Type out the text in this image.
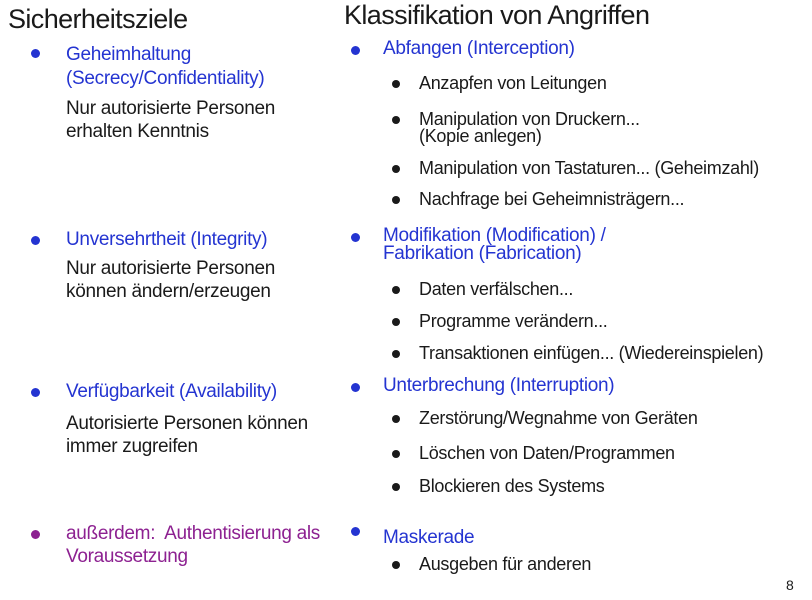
Sicherheitsziele
Geheimhaltung
(Secrecy/Confidentiality)
Nur autorisierte Personen
erhalten Kenntnis
Unversehrtheit (Integrity)
Nur autorisierte Personen
können ändern/erzeugen
Verfügbarkeit (Availability)
Autorisierte Personen können
immer zugreifen
außerdem:  Authentisierung als
Voraussetzung
Klassifikation von Angriffen
Abfangen (Interception)
Anzapfen von Leitungen
Manipulation von Druckern...
(Kopie anlegen)
Manipulation von Tastaturen... (Geheimzahl)
Nachfrage bei Geheimnisträgern...
Modifikation (Modification) /
Fabrikation (Fabrication)
Daten verfälschen...
Programme verändern...
Transaktionen einfügen... (Wiedereinspielen)
Unterbrechung (Interruption)
Zerstörung/Wegnahme von Geräten
Löschen von Daten/Programmen
Blockieren des Systems
Maskerade
Ausgeben für anderen
8
